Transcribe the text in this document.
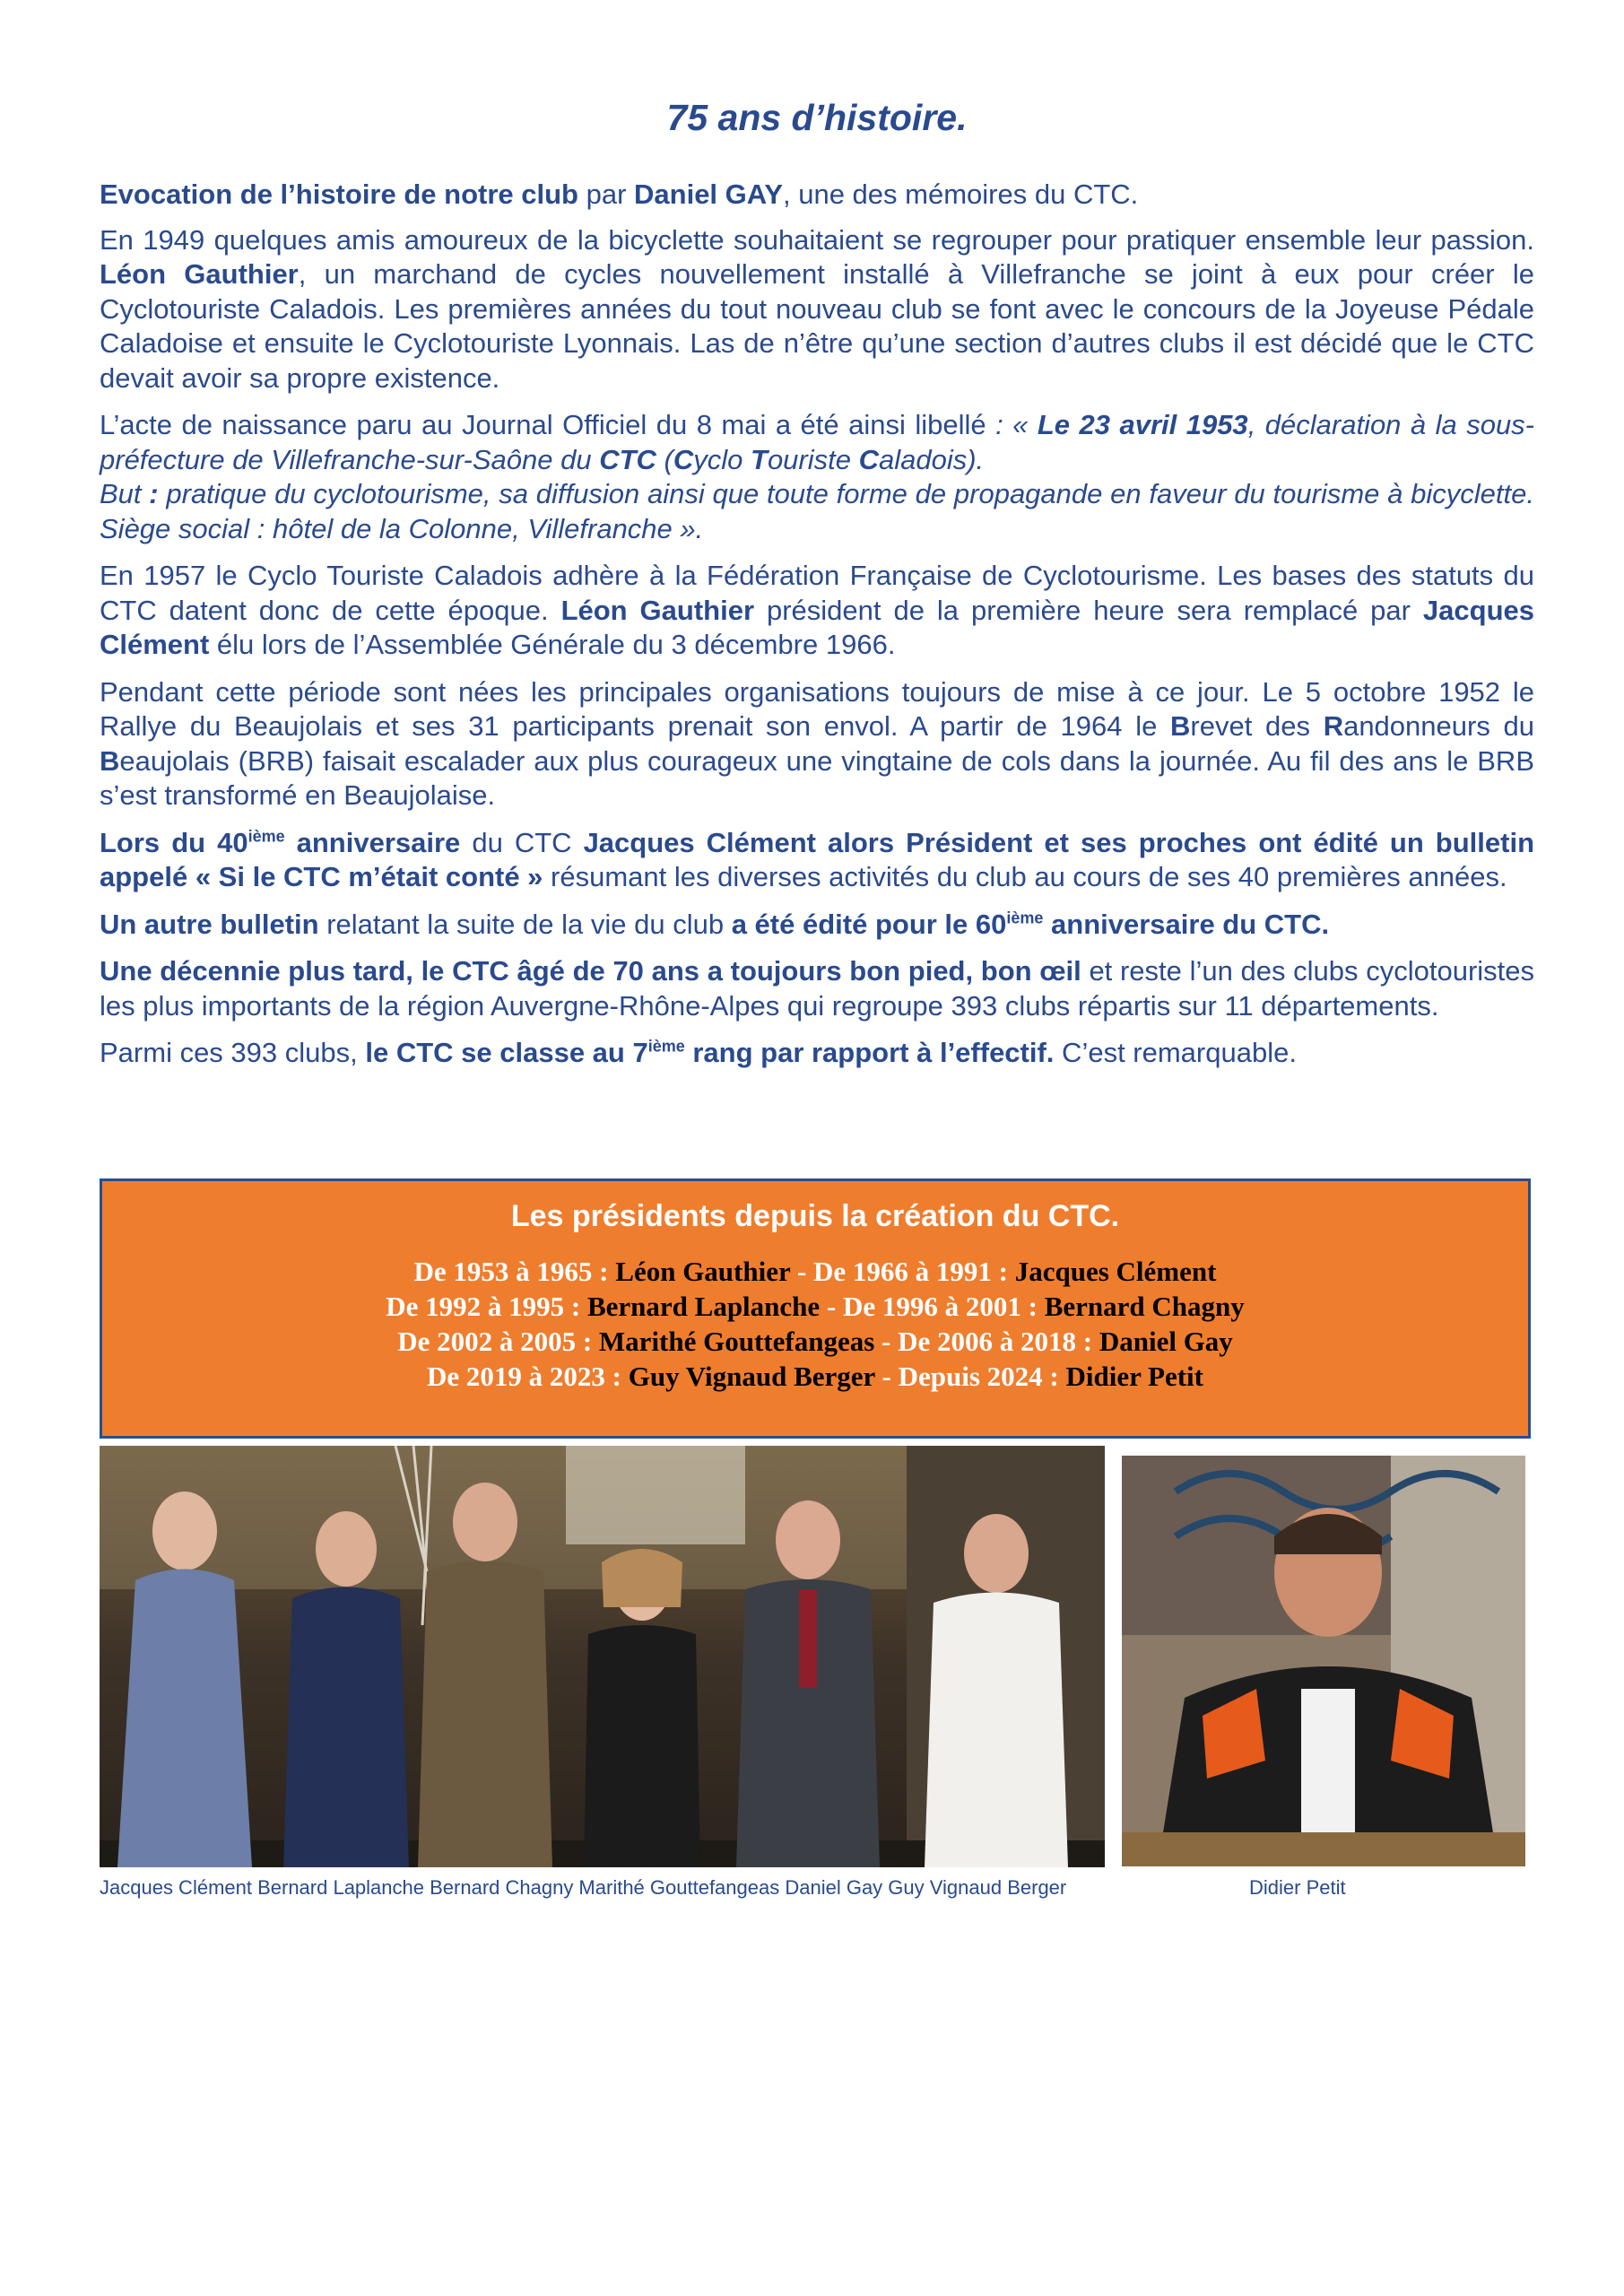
75 ans d’histoire.

Evocation de l’histoire de notre club par Daniel GAY, une des mémoires du CTC.

En 1949 quelques amis amoureux de la bicyclette souhaitaient se regrouper pour pratiquer ensemble leur passion. Léon Gauthier, un marchand de cycles nouvellement installé à Villefranche se joint à eux pour créer le Cyclotouriste Caladois. Les premières années du tout nouveau club se font avec le concours de la Joyeuse Pédale Caladoise et ensuite le Cyclotouriste Lyonnais. Las de n’être qu’une section d’autres clubs il est décidé que le CTC devait avoir sa propre existence.

L’acte de naissance paru au Journal Officiel du 8 mai a été ainsi libellé : « Le 23 avril 1953, déclaration à la sous-préfecture de Villefranche-sur-Saône du CTC (Cyclo Touriste Caladois).
But : pratique du cyclotourisme, sa diffusion ainsi que toute forme de propagande en faveur du tourisme à bicyclette. Siège social : hôtel de la Colonne, Villefranche ».

En 1957 le Cyclo Touriste Caladois adhère à la Fédération Française de Cyclotourisme. Les bases des statuts du CTC datent donc de cette époque. Léon Gauthier président de la première heure sera remplacé par Jacques Clément élu lors de l’Assemblée Générale du 3 décembre 1966.

Pendant cette période sont nées les principales organisations toujours de mise à ce jour. Le 5 octobre 1952 le Rallye du Beaujolais et ses 31 participants prenait son envol. A partir de 1964 le Brevet des Randonneurs du Beaujolais (BRB) faisait escalader aux plus courageux une vingtaine de cols dans la journée. Au fil des ans le BRB s’est transformé en Beaujolaise.

Lors du 40ième anniversaire du CTC Jacques Clément alors Président et ses proches ont édité un bulletin appelé « Si le CTC m’était conté » résumant les diverses activités du club au cours de ses 40 premières années.

Un autre bulletin relatant la suite de la vie du club a été édité pour le 60ième anniversaire du CTC.

Une décennie plus tard, le CTC âgé de 70 ans a toujours bon pied, bon œil et reste l’un des clubs cyclotouristes les plus importants de la région Auvergne-Rhône-Alpes qui regroupe 393 clubs répartis sur 11 départements.

Parmi ces 393 clubs, le CTC se classe au 7ième rang par rapport à l’effectif. C’est remarquable.

Les présidents depuis la création du CTC.
De 1953 à 1965 : Léon Gauthier - De 1966 à 1991 : Jacques Clément
De 1992 à 1995 : Bernard Laplanche - De 1996 à 2001 : Bernard Chagny
De 2002 à 2005 : Marithé Gouttefangeas - De 2006 à 2018 : Daniel Gay
De 2019 à 2023 : Guy Vignaud Berger - Depuis 2024 : Didier Petit
Jacques Clément Bernard Laplanche Bernard Chagny Marithé Gouttefangeas Daniel Gay Guy Vignaud Berger	Didier Petit
